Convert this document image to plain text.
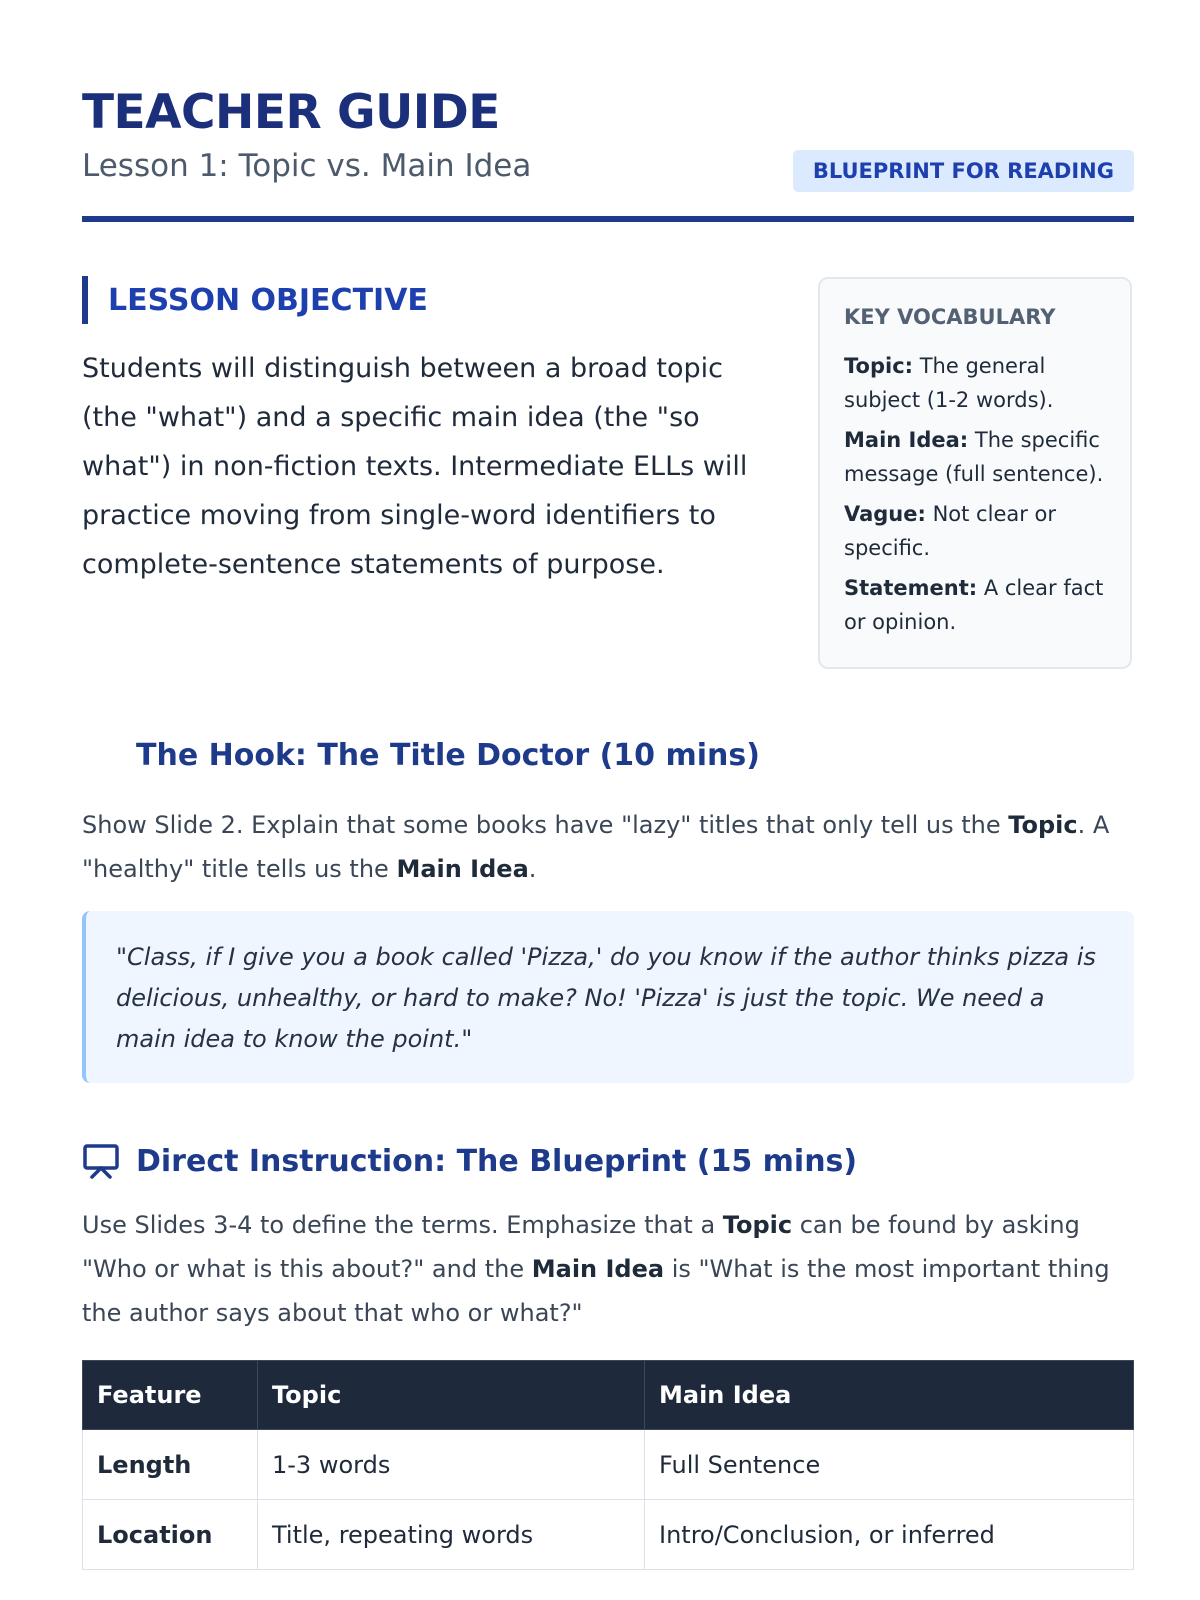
TEACHER GUIDE
Lesson 1: Topic vs. Main Idea	BLUEPRINT FOR READING
LESSON OBJECTIVE
Students will distinguish between a broad topic (the "what") and a specific main idea (the "so what") in non-fiction texts. Intermediate ELLs will practice moving from single-word identifiers to complete-sentence statements of purpose.
KEY VOCABULARY
Topic: The general subject (1-2 words).
Main Idea: The specific message (full sentence).
Vague: Not clear or specific.
Statement: A clear fact or opinion.
The Hook: The Title Doctor (10 mins)
Show Slide 2. Explain that some books have "lazy" titles that only tell us the Topic. A "healthy" title tells us the Main Idea.
"Class, if I give you a book called 'Pizza,' do you know if the author thinks pizza is delicious, unhealthy, or hard to make? No! 'Pizza' is just the topic. We need a main idea to know the point."
Direct Instruction: The Blueprint (15 mins)
Use Slides 3-4 to define the terms. Emphasize that a Topic can be found by asking "Who or what is this about?" and the Main Idea is "What is the most important thing the author says about that who or what?"
Feature	Topic	Main Idea
Length	1-3 words	Full Sentence
Location	Title, repeating words	Intro/Conclusion, or inferred
